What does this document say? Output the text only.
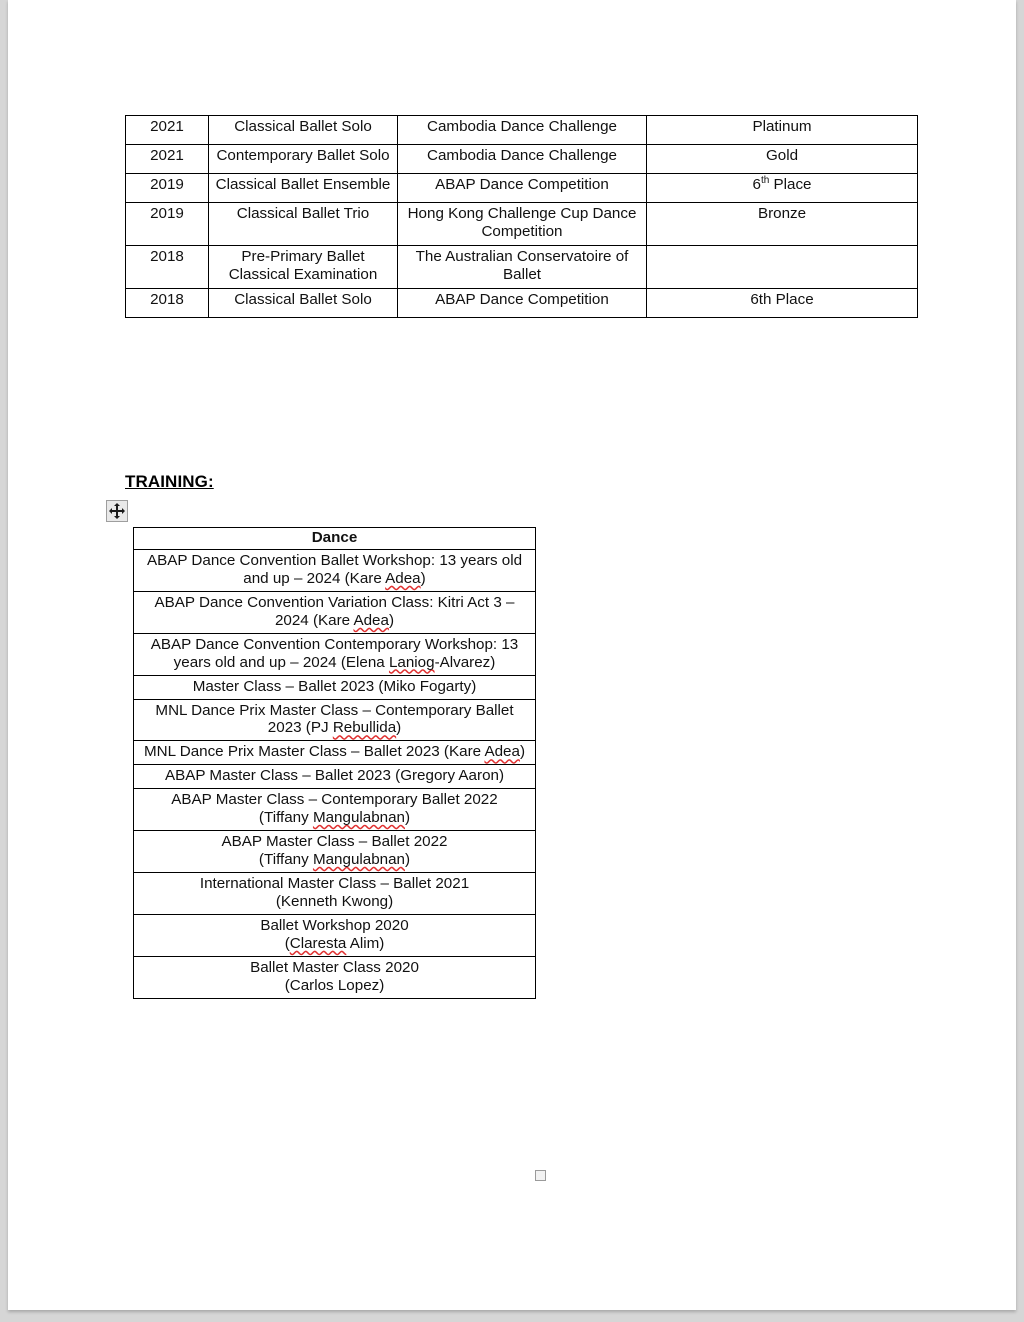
2021	Classical Ballet Solo	Cambodia Dance Challenge	Platinum
2021	Contemporary Ballet Solo	Cambodia Dance Challenge	Gold
2019	Classical Ballet Ensemble	ABAP Dance Competition	6th Place
2019	Classical Ballet Trio	Hong Kong Challenge Cup Dance Competition	Bronze
2018	Pre-Primary Ballet Classical Examination	The Australian Conservatoire of Ballet	
2018	Classical Ballet Solo	ABAP Dance Competition	6th Place
TRAINING:
Dance
ABAP Dance Convention Ballet Workshop: 13 years old and up – 2024 (Kare Adea)
ABAP Dance Convention Variation Class: Kitri Act 3 – 2024 (Kare Adea)
ABAP Dance Convention Contemporary Workshop: 13 years old and up – 2024 (Elena Laniog-Alvarez)
Master Class – Ballet 2023 (Miko Fogarty)
MNL Dance Prix Master Class – Contemporary Ballet 2023 (PJ Rebullida)
MNL Dance Prix Master Class – Ballet 2023 (Kare Adea)
ABAP Master Class – Ballet 2023 (Gregory Aaron)
ABAP Master Class – Contemporary Ballet 2022
(Tiffany Mangulabnan)
ABAP Master Class – Ballet 2022
(Tiffany Mangulabnan)
International Master Class – Ballet 2021
(Kenneth Kwong)
Ballet Workshop 2020
(Claresta Alim)
Ballet Master Class 2020
(Carlos Lopez)
